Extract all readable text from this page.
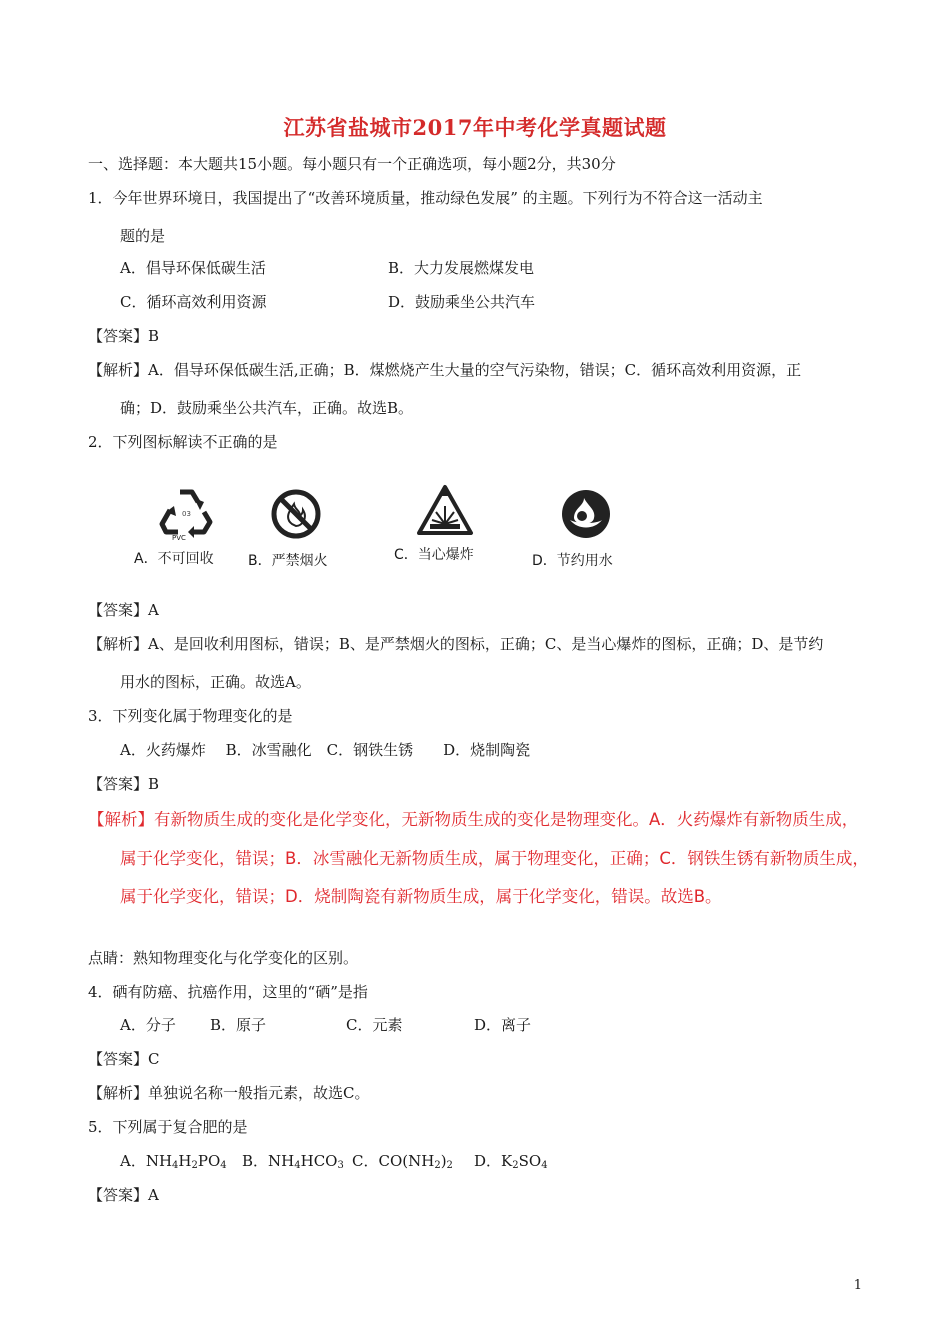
江苏省盐城市2017年中考化学真题试题
一、选择题：本大题共15小题。每小题只有一个正确选项，每小题2分，共30分
1．今年世界环境日，我国提出了“改善环境质量，推动绿色发展” 的主题。下列行为不符合这一活动主
题的是
A．倡导环保低碳生活	B．大力发展燃煤发电
C．循环高效利用资源	D．鼓励乘坐公共汽车
【答案】B
【解析】A．倡导环保低碳生活,正确；B．煤燃烧产生大量的空气污染物，错误；C．循环高效利用资源，正
确；D．鼓励乘坐公共汽车，正确。故选B。
2．下列图标解读不正确的是
03
PVC
A．不可回收 B．严禁烟火	C．当心爆炸	D．节约用水
【答案】A
【解析】A、是回收利用图标，错误；B、是严禁烟火的图标，正确；C、是当心爆炸的图标，正确；D、是节约
用水的图标，正确。故选A。
3．下列变化属于物理变化的是
A．火药爆炸　 B．冰雪融化　C．钢铁生锈　　D．烧制陶瓷
【答案】B
【解析】有新物质生成的变化是化学变化，无新物质生成的变化是物理变化。A．火药爆炸有新物质生成，
属于化学变化，错误；B．冰雪融化无新物质生成，属于物理变化，正确；C．钢铁生锈有新物质生成，
属于化学变化，错误；D．烧制陶瓷有新物质生成，属于化学变化，错误。故选B。
点睛：熟知物理变化与化学变化的区别。
4．硒有防癌、抗癌作用，这里的“硒”是指
A．分子 B．原子	C．元素	D．离子
【答案】C
【解析】单独说名称一般指元素，故选C。
5．下列属于复合肥的是
A．$NH_4H_2PO_4$ B．$NH_4HCO_3$ C．$CO(NH_2)_2$ D．$K_2SO_4$
【答案】A
1
